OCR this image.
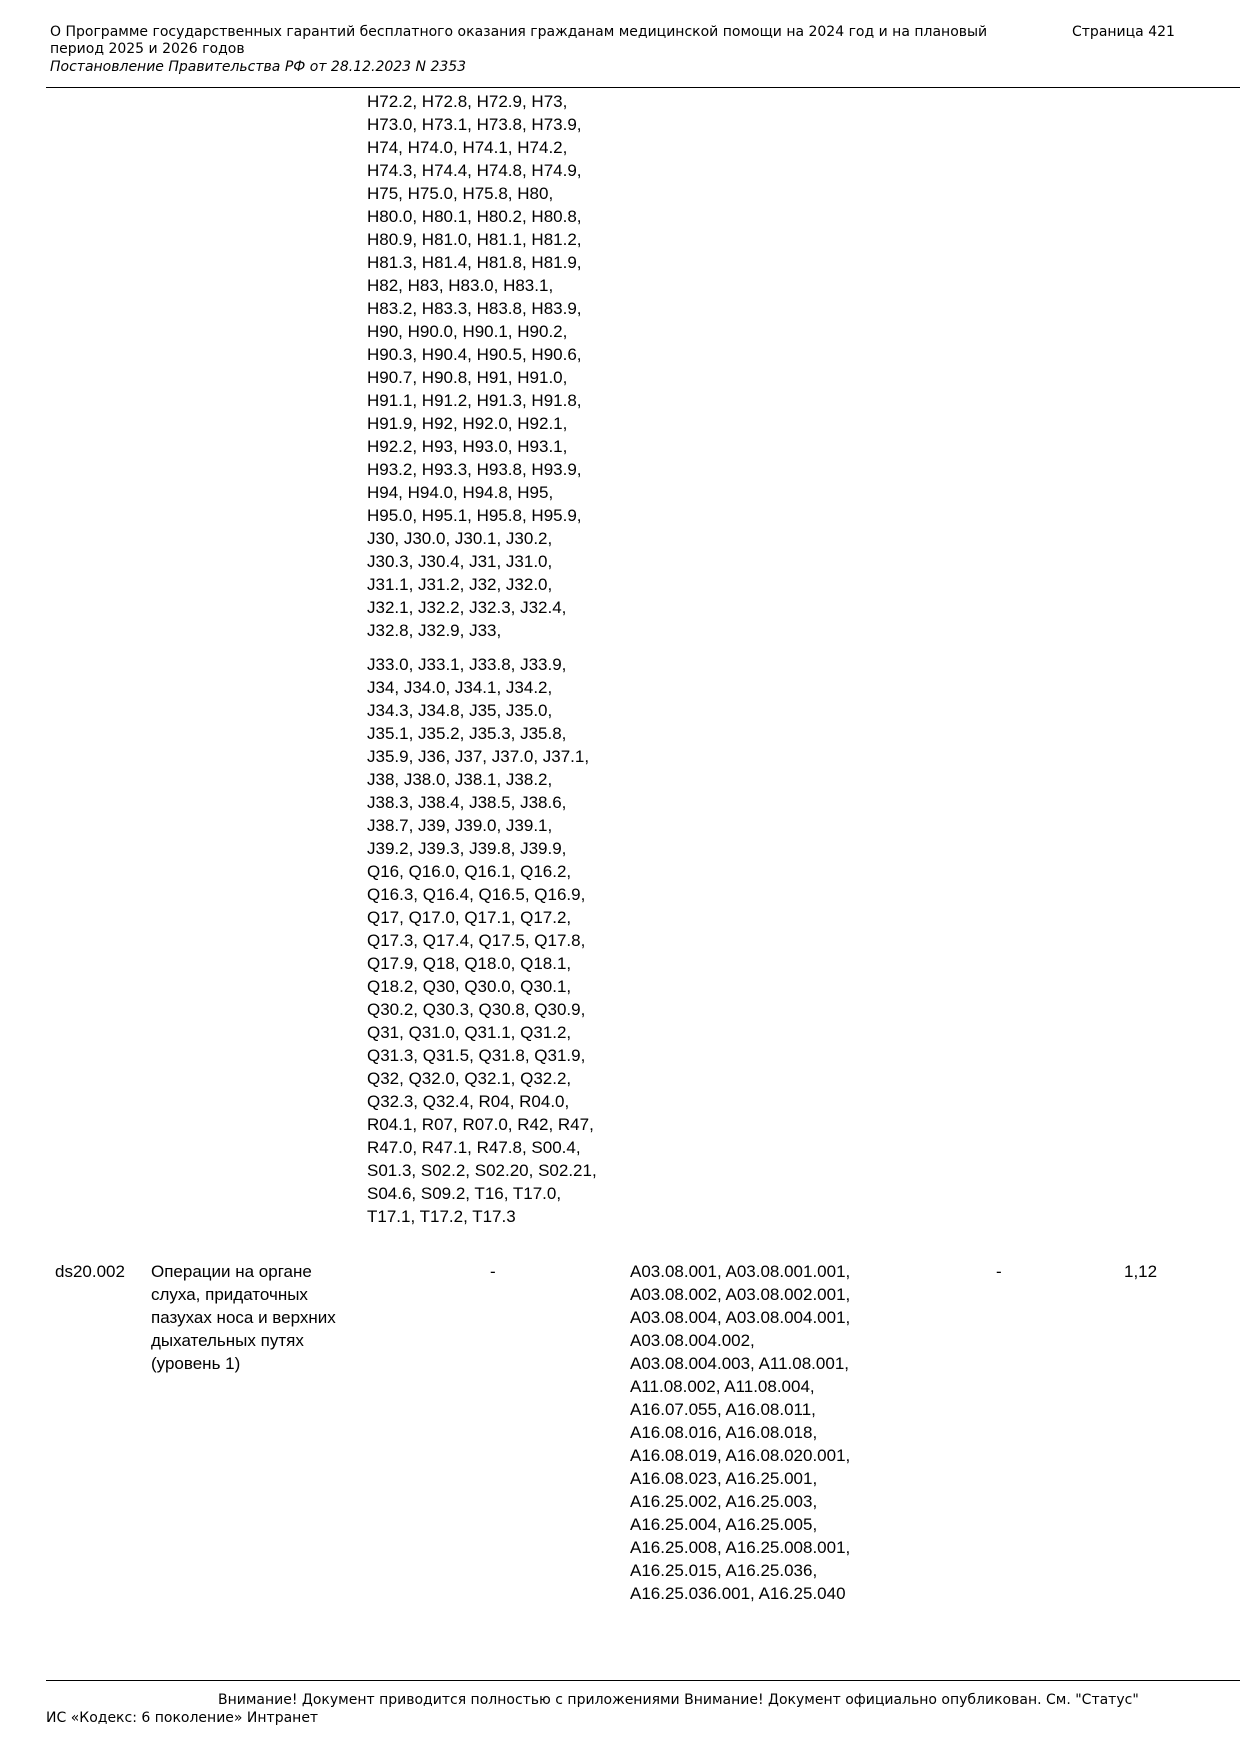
О Программе государственных гарантий бесплатного оказания гражданам медицинской помощи на 2024 год и на плановый период 2025 и 2026 годов
Страница 421
Постановление Правительства РФ от 28.12.2023 N 2353
H72.2, H72.8, H72.9, H73,
H73.0, H73.1, H73.8, H73.9,
H74, H74.0, H74.1, H74.2,
H74.3, H74.4, H74.8, H74.9,
H75, H75.0, H75.8, H80,
H80.0, H80.1, H80.2, H80.8,
H80.9, H81.0, H81.1, H81.2,
H81.3, H81.4, H81.8, H81.9,
H82, H83, H83.0, H83.1,
H83.2, H83.3, H83.8, H83.9,
H90, H90.0, H90.1, H90.2,
H90.3, H90.4, H90.5, H90.6,
H90.7, H90.8, H91, H91.0,
H91.1, H91.2, H91.3, H91.8,
H91.9, H92, H92.0, H92.1,
H92.2, H93, H93.0, H93.1,
H93.2, H93.3, H93.8, H93.9,
H94, H94.0, H94.8, H95,
H95.0, H95.1, H95.8, H95.9,
J30, J30.0, J30.1, J30.2,
J30.3, J30.4, J31, J31.0,
J31.1, J31.2, J32, J32.0,
J32.1, J32.2, J32.3, J32.4,
J32.8, J32.9, J33,
J33.0, J33.1, J33.8, J33.9,
J34, J34.0, J34.1, J34.2,
J34.3, J34.8, J35, J35.0,
J35.1, J35.2, J35.3, J35.8,
J35.9, J36, J37, J37.0, J37.1,
J38, J38.0, J38.1, J38.2,
J38.3, J38.4, J38.5, J38.6,
J38.7, J39, J39.0, J39.1,
J39.2, J39.3, J39.8, J39.9,
Q16, Q16.0, Q16.1, Q16.2,
Q16.3, Q16.4, Q16.5, Q16.9,
Q17, Q17.0, Q17.1, Q17.2,
Q17.3, Q17.4, Q17.5, Q17.8,
Q17.9, Q18, Q18.0, Q18.1,
Q18.2, Q30, Q30.0, Q30.1,
Q30.2, Q30.3, Q30.8, Q30.9,
Q31, Q31.0, Q31.1, Q31.2,
Q31.3, Q31.5, Q31.8, Q31.9,
Q32, Q32.0, Q32.1, Q32.2,
Q32.3, Q32.4, R04, R04.0,
R04.1, R07, R07.0, R42, R47,
R47.0, R47.1, R47.8, S00.4,
S01.3, S02.2, S02.20, S02.21,
S04.6, S09.2, T16, T17.0,
T17.1, T17.2, T17.3
ds20.002 Операции на органе
слуха, придаточных
пазухах носа и верхних
дыхательных путях
(уровень 1)
-	A03.08.001, A03.08.001.001,
A03.08.002, A03.08.002.001,
A03.08.004, A03.08.004.001,
A03.08.004.002,
A03.08.004.003, A11.08.001,
A11.08.002, A11.08.004,
A16.07.055, A16.08.011,
A16.08.016, A16.08.018,
A16.08.019, A16.08.020.001,
A16.08.023, A16.25.001,
A16.25.002, A16.25.003,
A16.25.004, A16.25.005,
A16.25.008, A16.25.008.001,
A16.25.015, A16.25.036,
A16.25.036.001, A16.25.040
-	1,12
Внимание! Документ приводится полностью с приложениями Внимание! Документ официально опубликован. См. "Статус"
ИС «Кодекс: 6 поколение» Интранет
